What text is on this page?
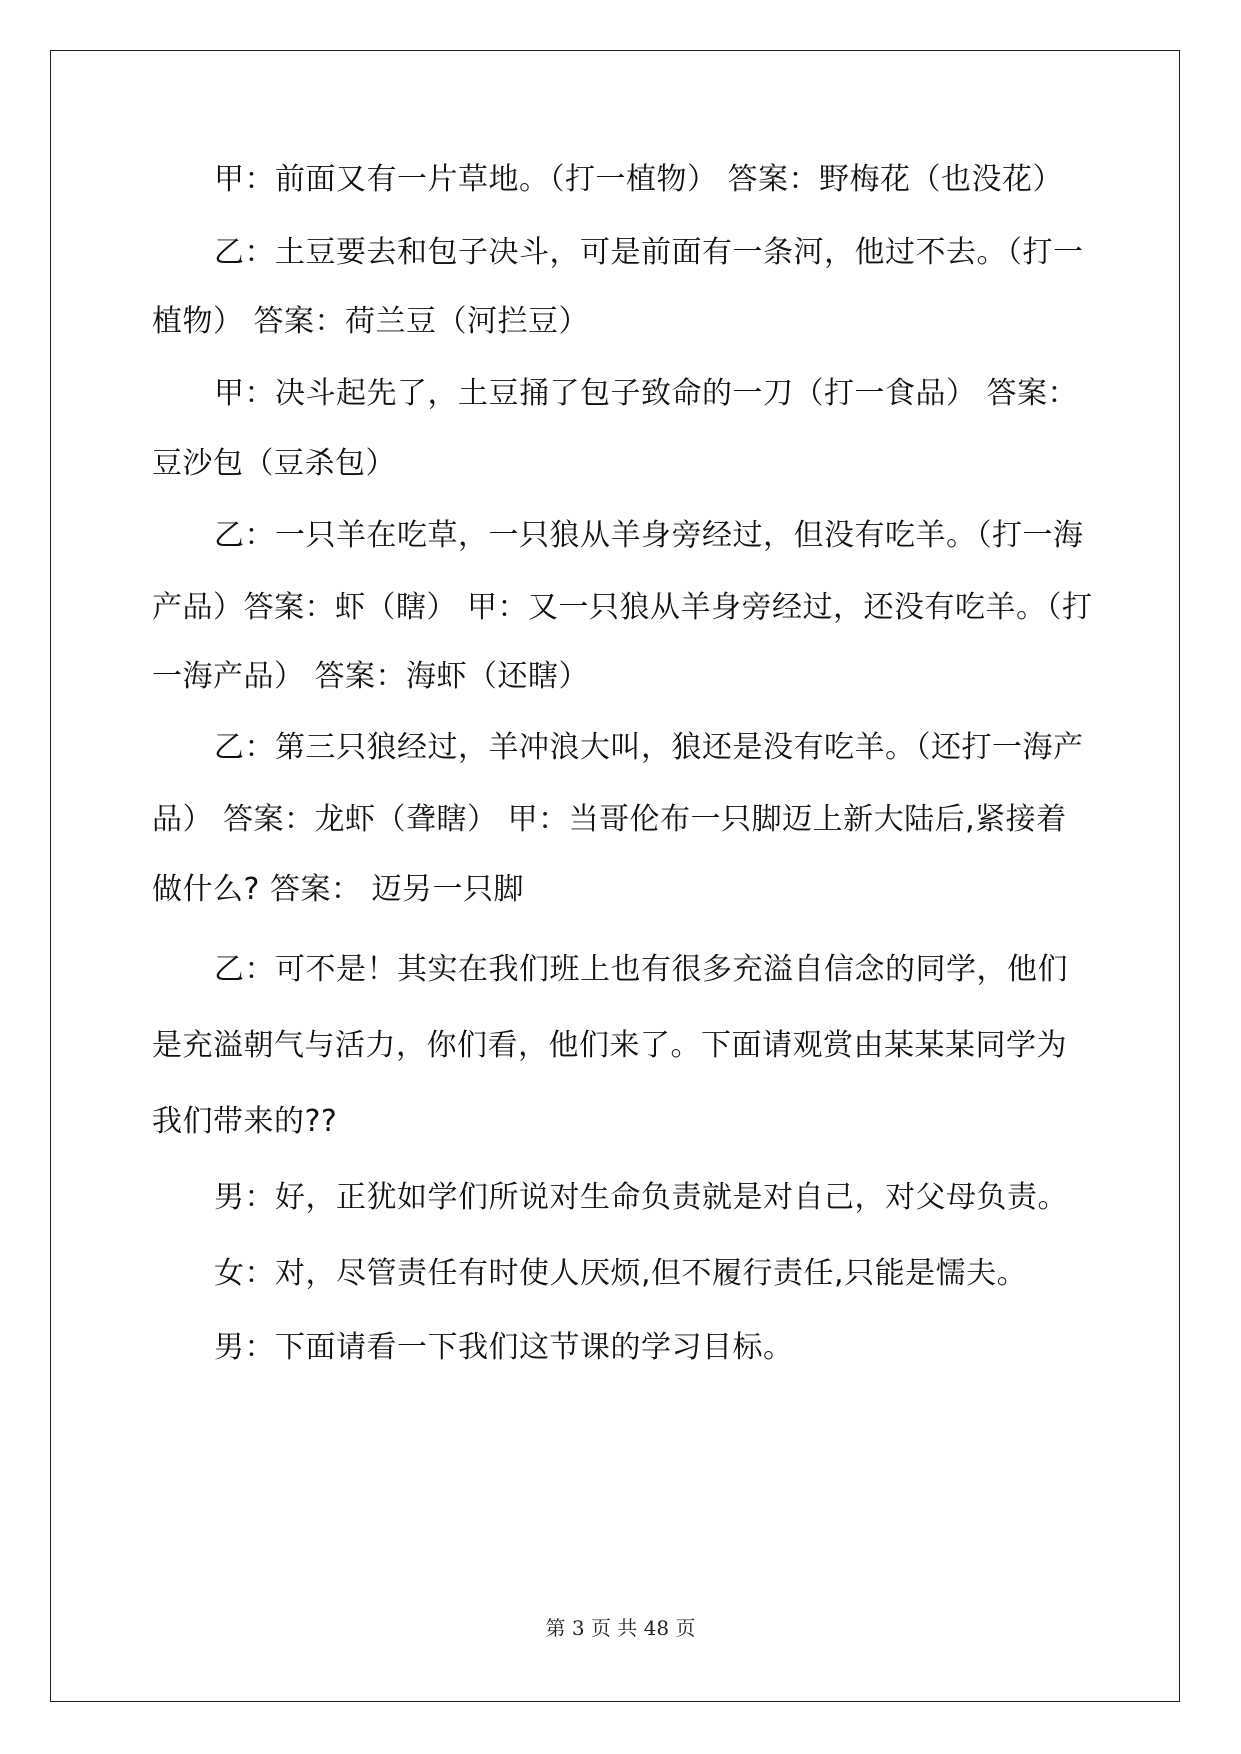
甲：前面又有一片草地。（打一植物） 答案：野梅花（也没花）
乙：土豆要去和包子决斗，可是前面有一条河，他过不去。（打一
植物） 答案：荷兰豆（河拦豆）
甲：决斗起先了，土豆捅了包子致命的一刀（打一食品） 答案：
豆沙包（豆杀包）
乙：一只羊在吃草，一只狼从羊身旁经过，但没有吃羊。（打一海
产品）答案：虾（瞎） 甲：又一只狼从羊身旁经过，还没有吃羊。（打
一海产品） 答案：海虾（还瞎）
乙：第三只狼经过，羊冲浪大叫，狼还是没有吃羊。（还打一海产
品） 答案：龙虾（聋瞎） 甲：当哥伦布一只脚迈上新大陆后,紧接着
做什么? 答案： 迈另一只脚
乙：可不是！其实在我们班上也有很多充溢自信念的同学，他们
是充溢朝气与活力，你们看，他们来了。下面请观赏由某某某同学为
我们带来的??
男：好，正犹如学们所说对生命负责就是对自己，对父母负责。
女：对，尽管责任有时使人厌烦,但不履行责任,只能是懦夫。
男：下面请看一下我们这节课的学习目标。
第 3 页 共 48 页
